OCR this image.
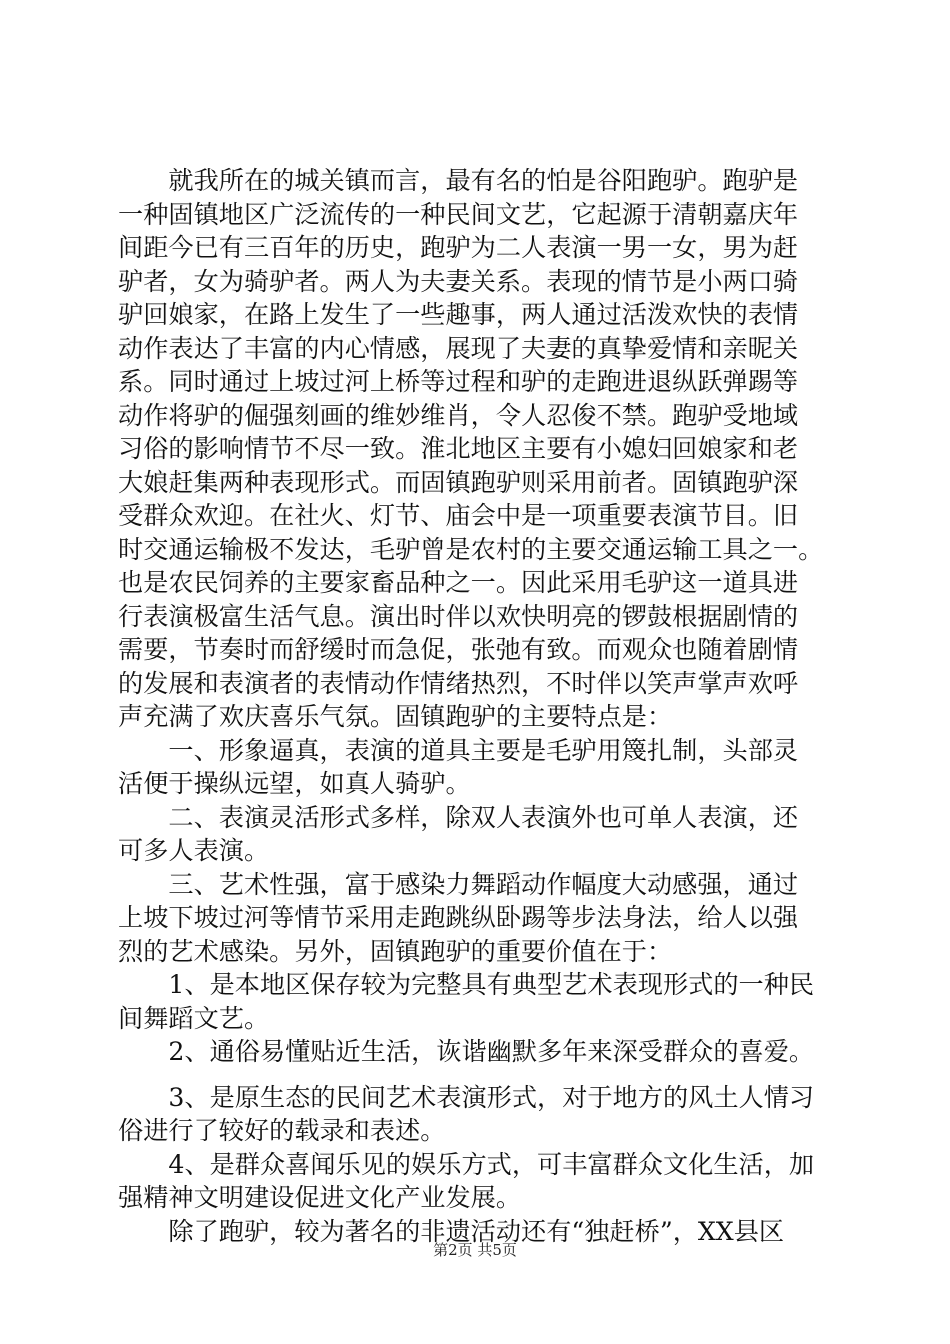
　　就我所在的城关镇而言，最有名的怕是谷阳跑驴。跑驴是
一种固镇地区广泛流传的一种民间文艺，它起源于清朝嘉庆年
间距今已有三百年的历史，跑驴为二人表演一男一女，男为赶
驴者，女为骑驴者。两人为夫妻关系。表现的情节是小两口骑
驴回娘家，在路上发生了一些趣事，两人通过活泼欢快的表情
动作表达了丰富的内心情感，展现了夫妻的真挚爱情和亲昵关
系。同时通过上坡过河上桥等过程和驴的走跑进退纵跃弹踢等
动作将驴的倔强刻画的维妙维肖，令人忍俊不禁。跑驴受地域
习俗的影响情节不尽一致。淮北地区主要有小媳妇回娘家和老
大娘赶集两种表现形式。而固镇跑驴则采用前者。固镇跑驴深
受群众欢迎。在社火、灯节、庙会中是一项重要表演节目。旧
时交通运输极不发达，毛驴曾是农村的主要交通运输工具之一。
也是农民饲养的主要家畜品种之一。因此采用毛驴这一道具进
行表演极富生活气息。演出时伴以欢快明亮的锣鼓根据剧情的
需要，节奏时而舒缓时而急促，张弛有致。而观众也随着剧情
的发展和表演者的表情动作情绪热烈，不时伴以笑声掌声欢呼
声充满了欢庆喜乐气氛。固镇跑驴的主要特点是：
　　一、形象逼真，表演的道具主要是毛驴用篾扎制，头部灵
活便于操纵远望，如真人骑驴。
　　二、表演灵活形式多样，除双人表演外也可单人表演，还
可多人表演。
　　三、艺术性强，富于感染力舞蹈动作幅度大动感强，通过
上坡下坡过河等情节采用走跑跳纵卧踢等步法身法，给人以强
烈的艺术感染。另外，固镇跑驴的重要价值在于：
　　1、是本地区保存较为完整具有典型艺术表现形式的一种民
间舞蹈文艺。
　　2、通俗易懂贴近生活，诙谐幽默多年来深受群众的喜爱。
　　3、是原生态的民间艺术表演形式，对于地方的风土人情习
俗进行了较好的载录和表述。
　　4、是群众喜闻乐见的娱乐方式，可丰富群众文化生活，加
强精神文明建设促进文化产业发展。
　　除了跑驴，较为著名的非遗活动还有“独赶桥”，XX县区
第2页 共5页
